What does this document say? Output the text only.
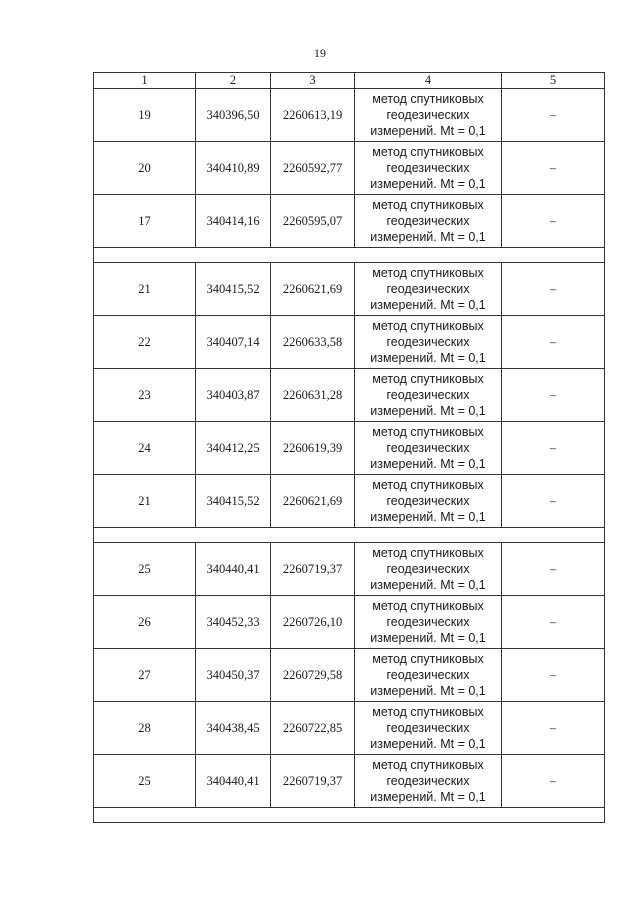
19
1	2	3	4	5
19	340396,50	2260613,19	метод спутниковых
геодезических
измерений. Mt = 0,1	–
20	340410,89	2260592,77	метод спутниковых
геодезических
измерений. Mt = 0,1	–
17	340414,16	2260595,07	метод спутниковых
геодезических
измерений. Mt = 0,1	–

21	340415,52	2260621,69	метод спутниковых
геодезических
измерений. Mt = 0,1	–
22	340407,14	2260633,58	метод спутниковых
геодезических
измерений. Mt = 0,1	–
23	340403,87	2260631,28	метод спутниковых
геодезических
измерений. Mt = 0,1	–
24	340412,25	2260619,39	метод спутниковых
геодезических
измерений. Mt = 0,1	–
21	340415,52	2260621,69	метод спутниковых
геодезических
измерений. Mt = 0,1	–

25	340440,41	2260719,37	метод спутниковых
геодезических
измерений. Mt = 0,1	–
26	340452,33	2260726,10	метод спутниковых
геодезических
измерений. Mt = 0,1	–
27	340450,37	2260729,58	метод спутниковых
геодезических
измерений. Mt = 0,1	–
28	340438,45	2260722,85	метод спутниковых
геодезических
измерений. Mt = 0,1	–
25	340440,41	2260719,37	метод спутниковых
геодезических
измерений. Mt = 0,1	–
